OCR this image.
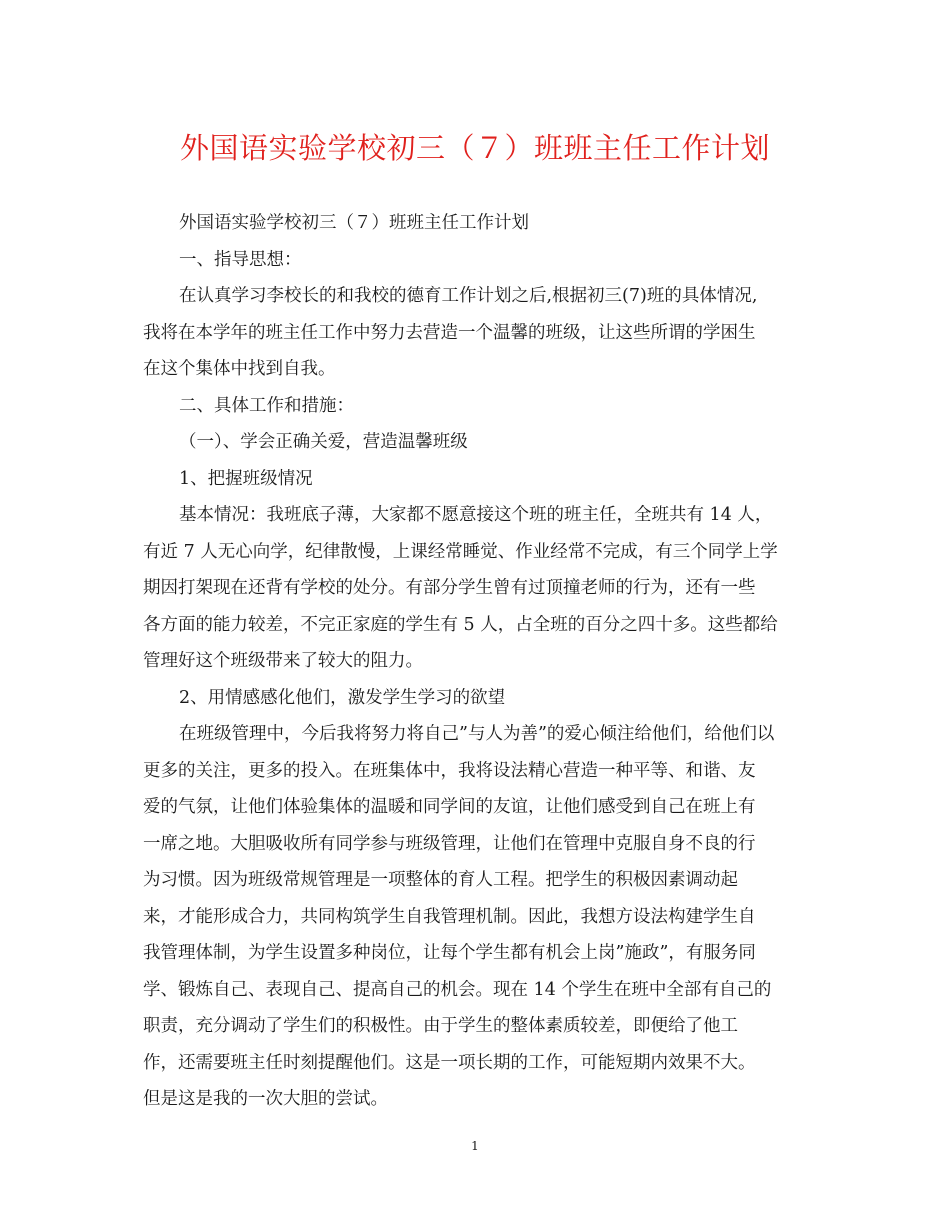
外国语实验学校初三（７）班班主任工作计划

外国语实验学校初三（７）班班主任工作计划

一、指导思想：

在认真学习李校长的和我校的德育工作计划之后,根据初三(7)班的具体情况,

我将在本学年的班主任工作中努力去营造一个温馨的班级，让这些所谓的学困生

在这个集体中找到自我。

二、具体工作和措施：

（一）、学会正确关爱，营造温馨班级

1、把握班级情况

基本情况：我班底子薄，大家都不愿意接这个班的班主任，全班共有 14 人，

有近 7 人无心向学，纪律散慢，上课经常睡觉、作业经常不完成，有三个同学上学

期因打架现在还背有学校的处分。有部分学生曾有过顶撞老师的行为，还有一些

各方面的能力较差，不完正家庭的学生有 5 人，占全班的百分之四十多。这些都给

管理好这个班级带来了较大的阻力。

2、用情感感化他们，激发学生学习的欲望

在班级管理中，今后我将努力将自己”与人为善”的爱心倾注给他们，给他们以

更多的关注，更多的投入。在班集体中，我将设法精心营造一种平等、和谐、友

爱的气氛，让他们体验集体的温暖和同学间的友谊，让他们感受到自己在班上有

一席之地。大胆吸收所有同学参与班级管理，让他们在管理中克服自身不良的行

为习惯。因为班级常规管理是一项整体的育人工程。把学生的积极因素调动起

来，才能形成合力，共同构筑学生自我管理机制。因此，我想方设法构建学生自

我管理体制，为学生设置多种岗位，让每个学生都有机会上岗”施政”，有服务同

学、锻炼自己、表现自己、提高自己的机会。现在 14 个学生在班中全部有自己的

职责，充分调动了学生们的积极性。由于学生的整体素质较差，即便给了他工

作，还需要班主任时刻提醒他们。这是一项长期的工作，可能短期内效果不大。

但是这是我的一次大胆的尝试。

1
